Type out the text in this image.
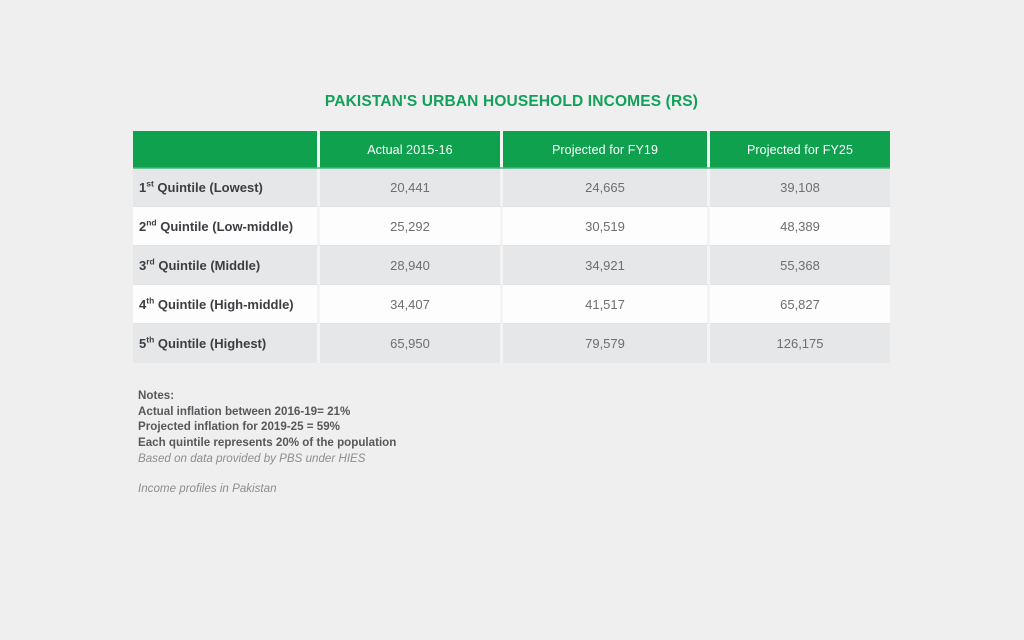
PAKISTAN'S URBAN HOUSEHOLD INCOMES (RS)
	Actual 2015-16	Projected for FY19	Projected for FY25
1st Quintile (Lowest)	20,441	24,665	39,108
2nd Quintile (Low-middle)	25,292	30,519	48,389
3rd Quintile (Middle)	28,940	34,921	55,368
4th Quintile (High-middle)	34,407	41,517	65,827
5th Quintile (Highest)	65,950	79,579	126,175
Notes:
Actual inflation between 2016-19= 21%
Projected inflation for 2019-25 = 59%
Each quintile represents 20% of the population
Based on data provided by PBS under HIES
Income profiles in Pakistan
